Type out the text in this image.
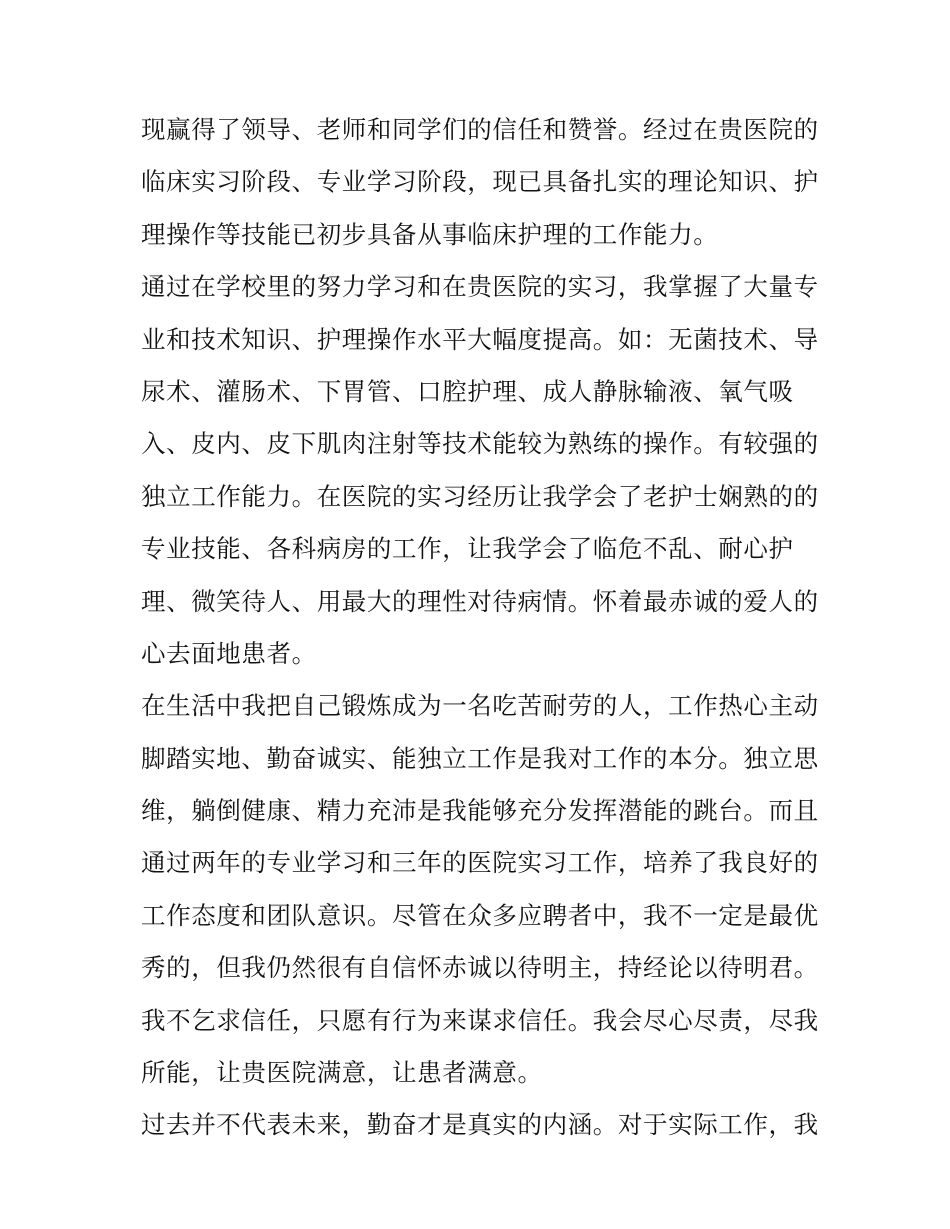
现赢得了领导、老师和同学们的信任和赞誉。经过在贵医院的
临床实习阶段、专业学习阶段，现已具备扎实的理论知识、护
理操作等技能已初步具备从事临床护理的工作能力。
通过在学校里的努力学习和在贵医院的实习，我掌握了大量专
业和技术知识、护理操作水平大幅度提高。如：无菌技术、导
尿术、灌肠术、下胃管、口腔护理、成人静脉输液、氧气吸
入、皮内、皮下肌肉注射等技术能较为熟练的操作。有较强的
独立工作能力。在医院的实习经历让我学会了老护士娴熟的的
专业技能、各科病房的工作，让我学会了临危不乱、耐心护
理、微笑待人、用最大的理性对待病情。怀着最赤诚的爱人的
心去面地患者。
在生活中我把自己锻炼成为一名吃苦耐劳的人，工作热心主动
脚踏实地、勤奋诚实、能独立工作是我对工作的本分。独立思
维，躺倒健康、精力充沛是我能够充分发挥潜能的跳台。而且
通过两年的专业学习和三年的医院实习工作，培养了我良好的
工作态度和团队意识。尽管在众多应聘者中，我不一定是最优
秀的，但我仍然很有自信怀赤诚以待明主，持经论以待明君。
我不乞求信任，只愿有行为来谋求信任。我会尽心尽责，尽我
所能，让贵医院满意，让患者满意。
过去并不代表未来，勤奋才是真实的内涵。对于实际工作，我
